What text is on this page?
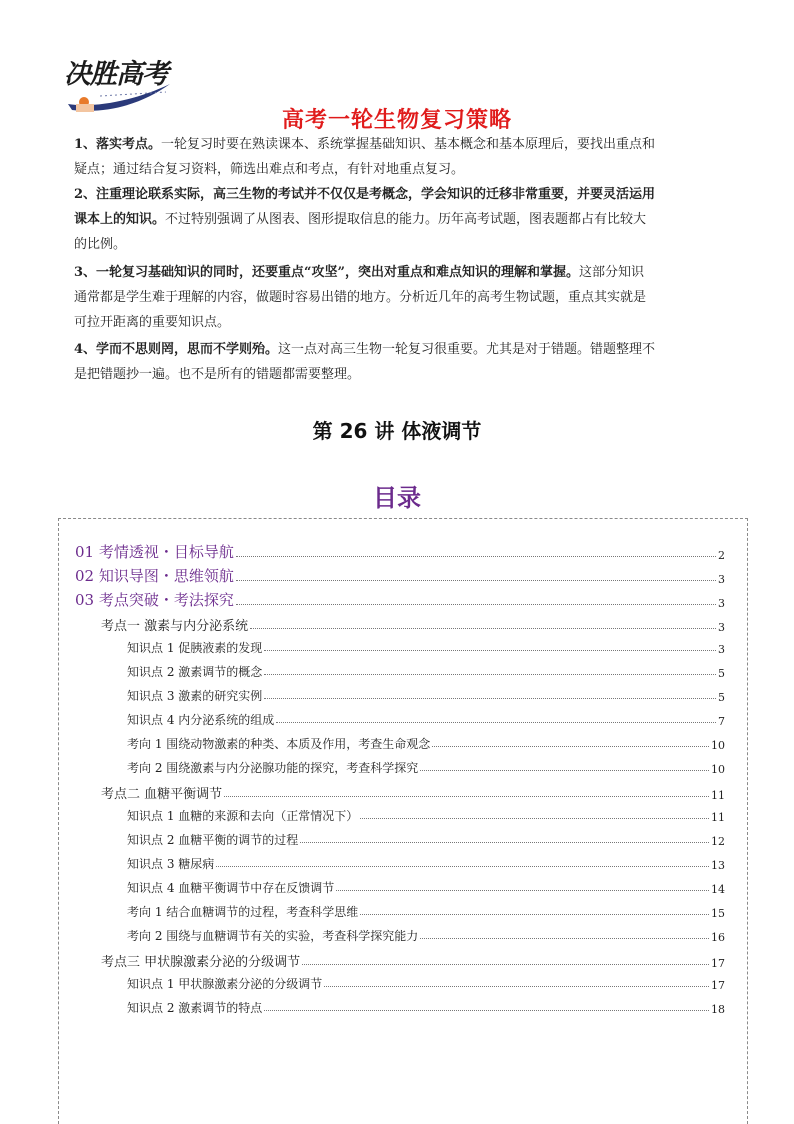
决胜高考
高考一轮生物复习策略
1、落实考点。一轮复习时要在熟读课本、系统掌握基础知识、基本概念和基本原理后，要找出重点和
疑点；通过结合复习资料，筛选出难点和考点，有针对地重点复习。
2、注重理论联系实际，高三生物的考试并不仅仅是考概念，学会知识的迁移非常重要，并要灵活运用
课本上的知识。不过特别强调了从图表、图形提取信息的能力。历年高考试题，图表题都占有比较大
的比例。
3、一轮复习基础知识的同时，还要重点“攻坚”，突出对重点和难点知识的理解和掌握。这部分知识
通常都是学生难于理解的内容，做题时容易出错的地方。分析近几年的高考生物试题，重点其实就是
可拉开距离的重要知识点。
4、学而不思则罔，思而不学则殆。这一点对高三生物一轮复习很重要。尤其是对于错题。错题整理不
是把错题抄一遍。也不是所有的错题都需要整理。
第 26 讲 体液调节
目录
01 考情透视・目标导航	2
02 知识导图・思维领航	3
03 考点突破・考法探究	3
考点一 激素与内分泌系统	3
知识点 1 促胰液素的发现	3
知识点 2 激素调节的概念	5
知识点 3 激素的研究实例	5
知识点 4 内分泌系统的组成	7
考向 1 围绕动物激素的种类、本质及作用，考查生命观念	10
考向 2 围绕激素与内分泌腺功能的探究，考查科学探究	10
考点二 血糖平衡调节	11
知识点 1 血糖的来源和去向（正常情况下）	11
知识点 2 血糖平衡的调节的过程	12
知识点 3 糖尿病	13
知识点 4 血糖平衡调节中存在反馈调节	14
考向 1 结合血糖调节的过程，考查科学思维	15
考向 2 围绕与血糖调节有关的实验，考查科学探究能力	16
考点三 甲状腺激素分泌的分级调节	17
知识点 1 甲状腺激素分泌的分级调节	17
知识点 2 激素调节的特点	18
